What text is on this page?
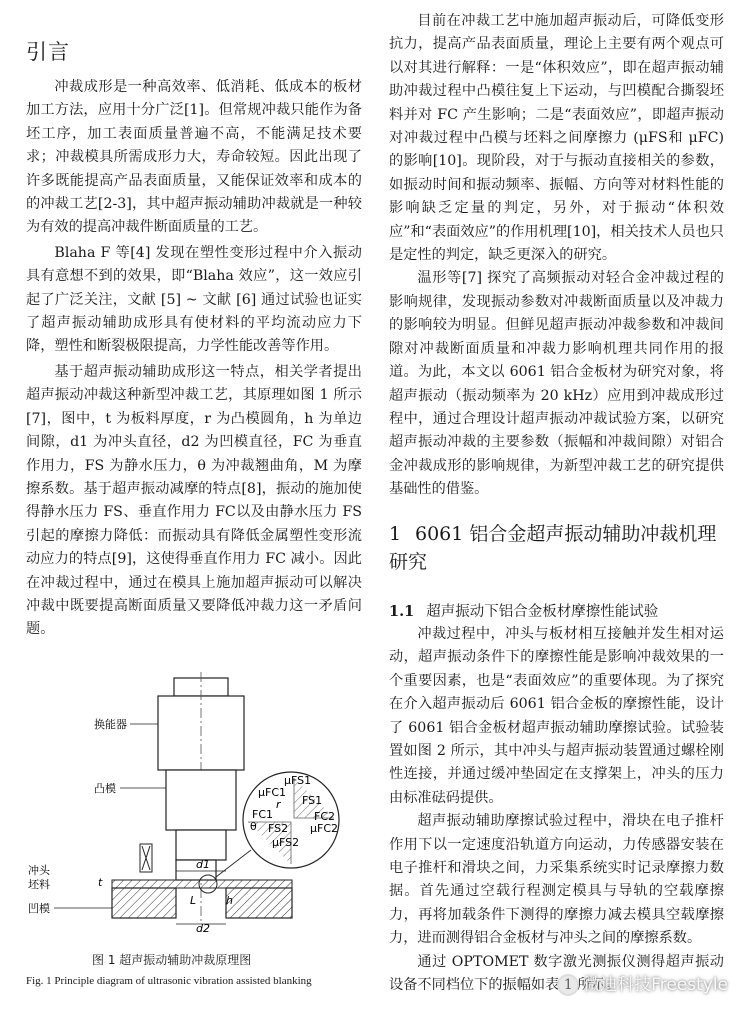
引言

冲裁成形是一种高效率、低消耗、低成本的板材加工方法，应用十分广泛[1]。但常规冲裁只能作为备坯工序，加工表面质量普遍不高，不能满足技术要求；冲裁模具所需成形力大，寿命较短。因此出现了许多既能提高产品表面质量，又能保证效率和成本的的冲裁工艺[2-3]，其中超声振动辅助冲裁就是一种较为有效的提高冲裁件断面质量的工艺。

Blaha F 等[4] 发现在塑性变形过程中介入振动具有意想不到的效果，即“Blaha 效应”，这一效应引起了广泛关注，文献 [5] ~ 文献 [6] 通过试验也证实了超声振动辅助成形具有使材料的平均流动应力下降，塑性和断裂极限提高，力学性能改善等作用。

基于超声振动辅助成形这一特点，相关学者提出超声振动冲裁这种新型冲裁工艺，其原理如图 1 所示[7]，图中，t 为板料厚度，r 为凸模圆角，h 为单边间隙，d1 为冲头直径，d2 为凹模直径，FC 为垂直作用力，FS 为静水压力，θ 为冲裁翘曲角，M 为摩擦系数。基于超声振动减摩的特点[8]，振动的施加使得静水压力 FS、垂直作用力 FC以及由静水压力 FS引起的摩擦力降低：而振动具有降低金属塑性变形流动应力的特点[9]，这使得垂直作用力 FC 减小。因此在冲裁过程中，通过在模具上施加超声振动可以解决冲裁中既要提高断面质量又要降低冲裁力这一矛盾问题。

目前在冲裁工艺中施加超声振动后，可降低变形抗力，提高产品表面质量，理论上主要有两个观点可以对其进行解释：一是“体积效应”，即在超声振动辅助冲裁过程中凸模往复上下运动，与凹模配合撕裂坯料并对 FC 产生影响；二是“表面效应”，即超声振动对冲裁过程中凸模与坯料之间摩擦力 (μFS和 μFC) 的影响[10]。现阶段，对于与振动直接相关的参数，如振动时间和振动频率、振幅、方向等对材料性能的影响缺乏定量的判定，另外，对于振动“体积效应”和“表面效应”的作用机理[10]，相关技术人员也只是定性的判定，缺乏更深入的研究。

温形等[7] 探究了高频振动对轻合金冲裁过程的影响规律，发现振动参数对冲裁断面质量以及冲裁力的影响较为明显。但鲜见超声振动冲裁参数和冲裁间隙对冲裁断面质量和冲裁力影响机理共同作用的报道。为此，本文以 6061 铝合金板材为研究对象，将超声振动（振动频率为 20 kHz）应用到冲裁成形过程中，通过合理设计超声振动冲裁试验方案，以研究超声振动冲裁的主要参数（振幅和冲裁间隙）对铝合金冲裁成形的影响规律，为新型冲裁工艺的研究提供基础性的借鉴。

1 6061 铝合金超声振动辅助冲裁机理研究
1.1 超声振动下铝合金板材摩擦性能试验

冲裁过程中，冲头与板材相互接触并发生相对运动，超声振动条件下的摩擦性能是影响冲裁效果的一个重要因素，也是“表面效应”的重要体现。为了探究在介入超声振动后 6061 铝合金板的摩擦性能，设计了 6061 铝合金板材超声振动辅助摩擦试验。试验装置如图 2 所示，其中冲头与超声振动装置通过螺栓刚性连接，并通过缓冲垫固定在支撑架上，冲头的压力由标准砝码提供。

超声振动辅助摩擦试验过程中，滑块在电子推杆作用下以一定速度沿轨道方向运动，力传感器安装在电子推杆和滑块之间，力采集系统实时记录摩擦力数据。首先通过空载行程测定模具与导轨的空载摩擦力，再将加载条件下测得的摩擦力减去模具空载摩擦力，进而测得铝合金板材与冲头之间的摩擦系数。

通过 OPTOMET 数字激光测振仪测得超声振动设备不同档位下的振幅如表 1 所示。

换能器
凸模
冲头
坯料
凹模
d1
d2
t
h
L
μFS1
μFC1
FS1
FC1	FC2
μFC2
FS2
μFS2
θ
r
图 1 超声振动辅助冲裁原理图
Fig. 1 Principle diagram of ultrasonic vibration assisted blanking	微迪科技Freestyle
